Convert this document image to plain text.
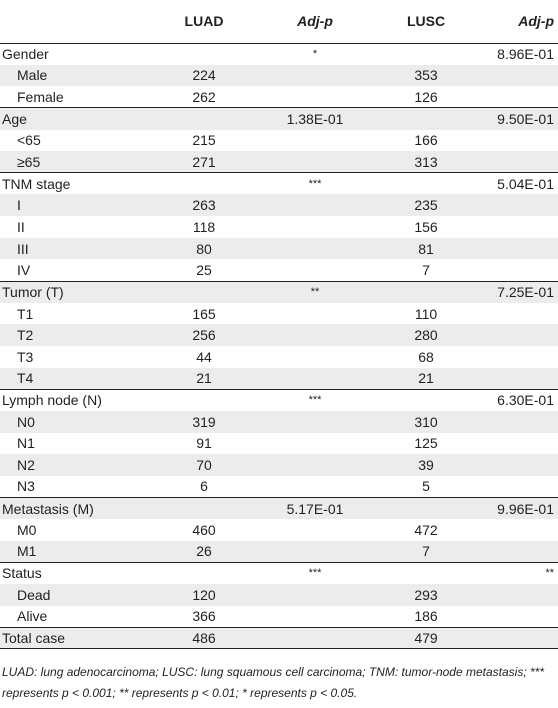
	LUAD	Adj-p	LUSC	Adj-p
Gender		*		8.96E-01
Male	224		353	
Female	262		126	
Age		1.38E-01		9.50E-01
<65	215		166	
≥65	271		313	
TNM stage		***		5.04E-01
I	263		235	
II	118		156	
III	80		81	
IV	25		7	
Tumor (T)		**		7.25E-01
T1	165		110	
T2	256		280	
T3	44		68	
T4	21		21	
Lymph node (N)		***		6.30E-01
N0	319		310	
N1	91		125	
N2	70		39	
N3	6		5	
Metastasis (M)		5.17E-01		9.96E-01
M0	460		472	
M1	26		7	
Status		***		**
Dead	120		293	
Alive	366		186	
Total case	486		479	
LUAD: lung adenocarcinoma; LUSC: lung squamous cell carcinoma; TNM: tumor-node metastasis; *** represents p < 0.001; ** represents p < 0.01; * represents p < 0.05.
